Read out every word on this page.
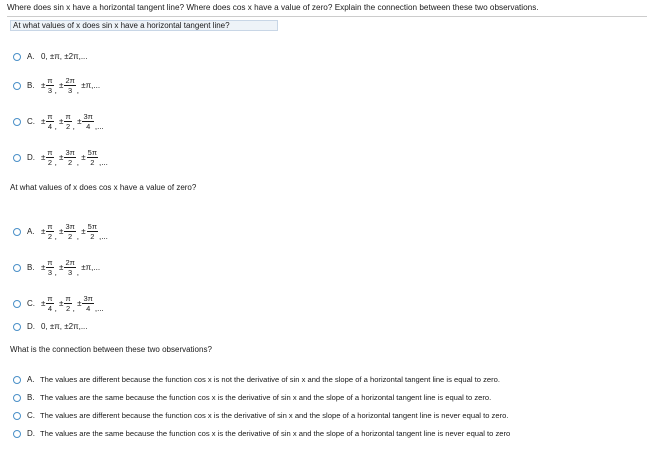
Where does sin x have a horizontal tangent line? Where does cos x have a value of zero? Explain the connection between these two observations.
At what values of x does sin x have a horizontal tangent line?
A. 0, ±π, ±2π,...
B. ± $\frac{\pi}{3}$ , ± $\frac{2\pi}{3}$ , ±π,...
C. ± $\frac{\pi}{4}$ , ± $\frac{\pi}{2}$ , ± $\frac{3\pi}{4}$ ,...
D. ± $\frac{\pi}{2}$ , ± $\frac{3\pi}{2}$ , ± $\frac{5\pi}{2}$ ,...
At what values of x does cos x have a value of zero?
A. ± $\frac{\pi}{2}$ , ± $\frac{3\pi}{2}$ , ± $\frac{5\pi}{2}$ ,...
B. ± $\frac{\pi}{3}$ , ± $\frac{2\pi}{3}$ , ±π,...
C. ± $\frac{\pi}{4}$ , ± $\frac{\pi}{2}$ , ± $\frac{3\pi}{4}$ ,...
D. 0, ±π, ±2π,...
What is the connection between these two observations?
A. The values are different because the function cos x is not the derivative of sin x and the slope of a horizontal tangent line is equal to zero.
B. The values are the same because the function cos x is the derivative of sin x and the slope of a horizontal tangent line is equal to zero.
C. The values are different because the function cos x is the derivative of sin x and the slope of a horizontal tangent line is never equal to zero.
D. The values are the same because the function cos x is the derivative of sin x and the slope of a horizontal tangent line is never equal to zero
